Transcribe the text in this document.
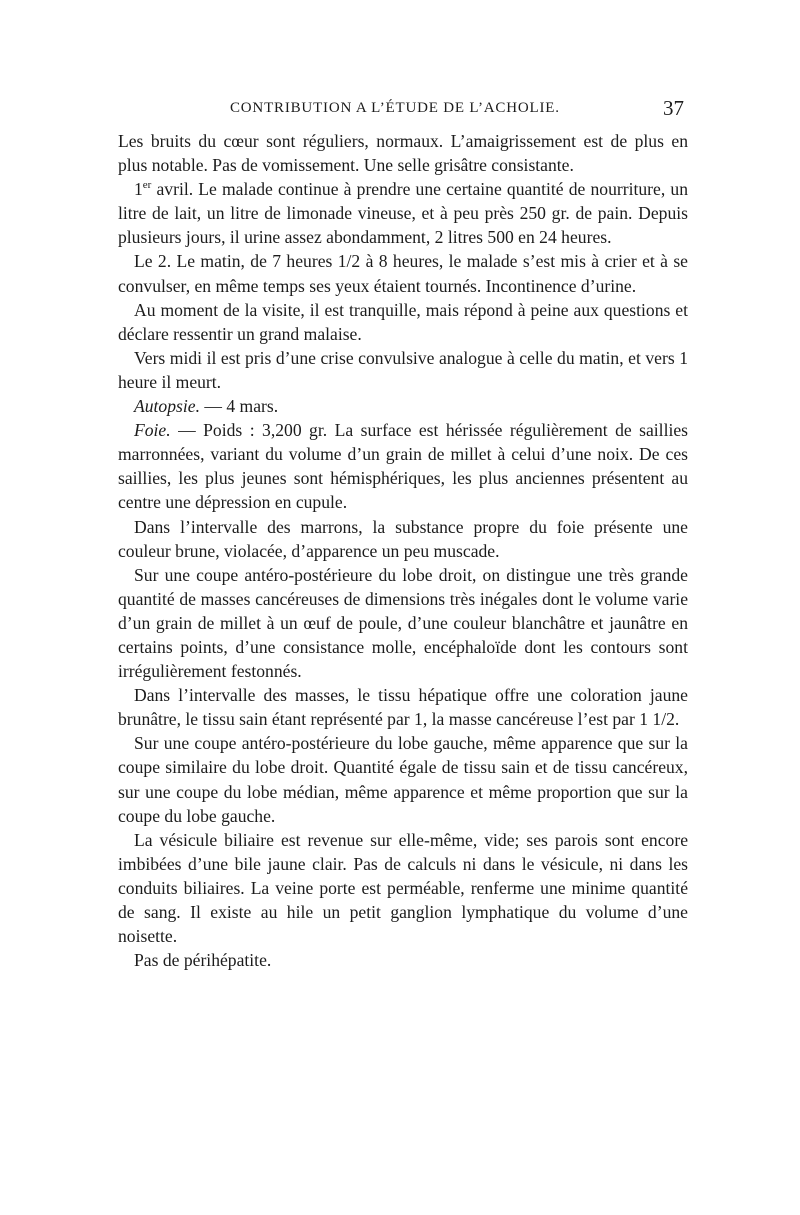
CONTRIBUTION A L’ÉTUDE DE L’ACHOLIE.	37

Les bruits du cœur sont réguliers, normaux. L’amaigrissement est de plus en plus notable. Pas de vomissement. Une selle grisâtre consistante.

1er avril. Le malade continue à prendre une certaine quantité de nourriture, un litre de lait, un litre de limonade vineuse, et à peu près 250 gr. de pain. Depuis plusieurs jours, il urine assez abondamment, 2 litres 500 en 24 heures.

Le 2. Le matin, de 7 heures 1/2 à 8 heures, le malade s’est mis à crier et à se convulser, en même temps ses yeux étaient tournés. Incontinence d’urine.

Au moment de la visite, il est tranquille, mais répond à peine aux questions et déclare ressentir un grand malaise.

Vers midi il est pris d’une crise convulsive analogue à celle du matin, et vers 1 heure il meurt.

Autopsie. — 4 mars.

Foie. — Poids : 3,200 gr. La surface est hérissée régulièrement de saillies marronnées, variant du volume d’un grain de millet à celui d’une noix. De ces saillies, les plus jeunes sont hémisphériques, les plus anciennes présentent au centre une dépression en cupule.

Dans l’intervalle des marrons, la substance propre du foie présente une couleur brune, violacée, d’apparence un peu muscade.

Sur une coupe antéro-postérieure du lobe droit, on distingue une très grande quantité de masses cancéreuses de dimensions très inégales dont le volume varie d’un grain de millet à un œuf de poule, d’une couleur blanchâtre et jaunâtre en certains points, d’une consistance molle, encéphaloïde dont les contours sont irrégulièrement festonnés.

Dans l’intervalle des masses, le tissu hépatique offre une coloration jaune brunâtre, le tissu sain étant représenté par 1, la masse cancéreuse l’est par 1 1/2.

Sur une coupe antéro-postérieure du lobe gauche, même apparence que sur la coupe similaire du lobe droit. Quantité égale de tissu sain et de tissu cancéreux, sur une coupe du lobe médian, même apparence et même proportion que sur la coupe du lobe gauche.

La vésicule biliaire est revenue sur elle-même, vide; ses parois sont encore imbibées d’une bile jaune clair. Pas de calculs ni dans le vésicule, ni dans les conduits biliaires. La veine porte est perméable, renferme une minime quantité de sang. Il existe au hile un petit ganglion lymphatique du volume d’une noisette.

Pas de périhépatite.
